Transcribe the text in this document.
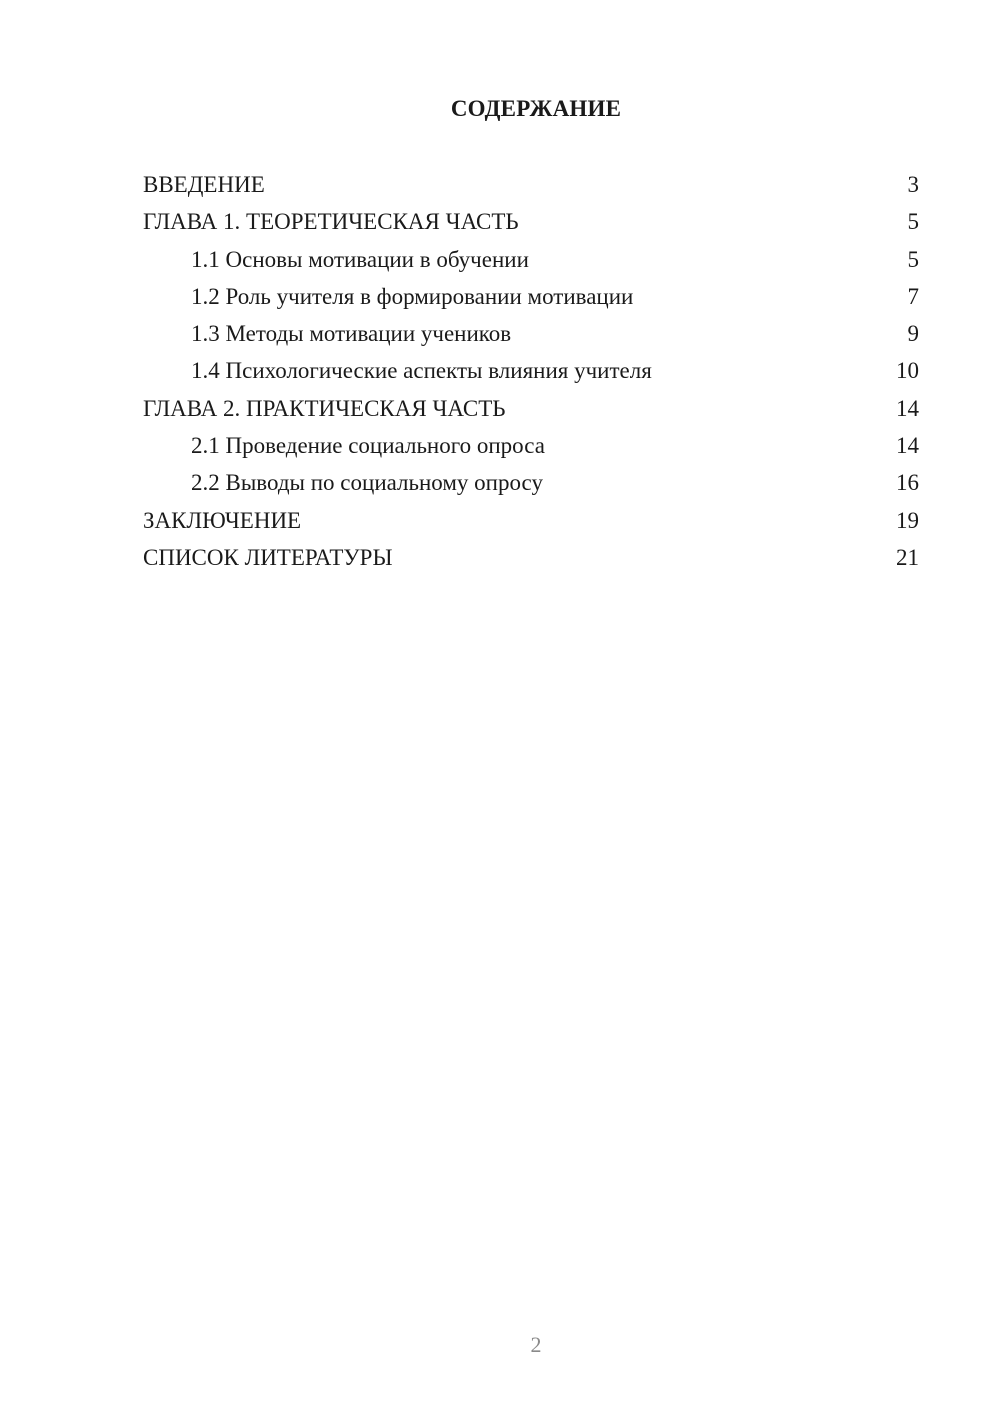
СОДЕРЖАНИЕ
ВВЕДЕНИЕ	3
ГЛАВА 1. ТЕОРЕТИЧЕСКАЯ ЧАСТЬ	5
1.1 Основы мотивации в обучении	5
1.2 Роль учителя в формировании мотивации	7
1.3 Методы мотивации учеников	9
1.4 Психологические аспекты влияния учителя	10
ГЛАВА 2. ПРАКТИЧЕСКАЯ ЧАСТЬ	14
2.1 Проведение социального опроса	14
2.2 Выводы по социальному опросу	16
ЗАКЛЮЧЕНИЕ	19
СПИСОК ЛИТЕРАТУРЫ	21
2
